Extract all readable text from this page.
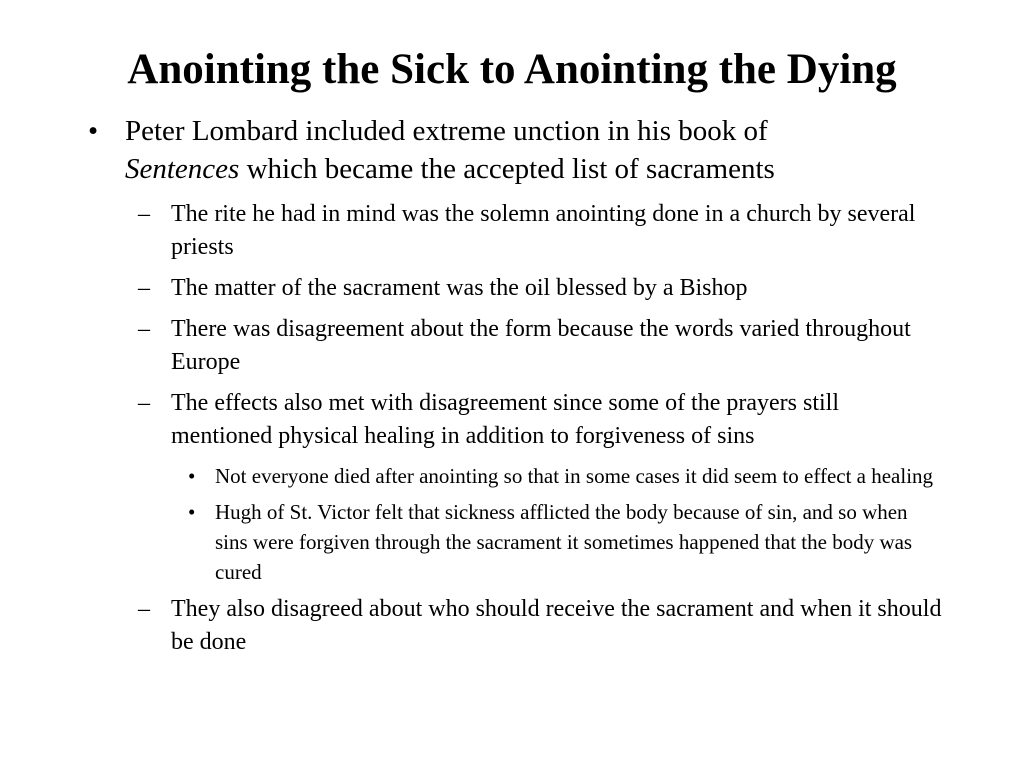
Anointing the Sick to Anointing the Dying

• Peter Lombard included extreme unction in his book of
Sentences which became the accepted list of sacraments

– The rite he had in mind was the solemn anointing done in a church by several priests

– The matter of the sacrament was the oil blessed by a Bishop

– There was disagreement about the form because the words varied throughout Europe

– The effects also met with disagreement since some of the prayers still mentioned physical healing in addition to forgiveness of sins

• Not everyone died after anointing so that in some cases it did seem to effect a healing

• Hugh of St. Victor felt that sickness afflicted the body because of sin, and so when sins were forgiven through the sacrament it sometimes happened that the body was cured

– They also disagreed about who should receive the sacrament and when it should be done
